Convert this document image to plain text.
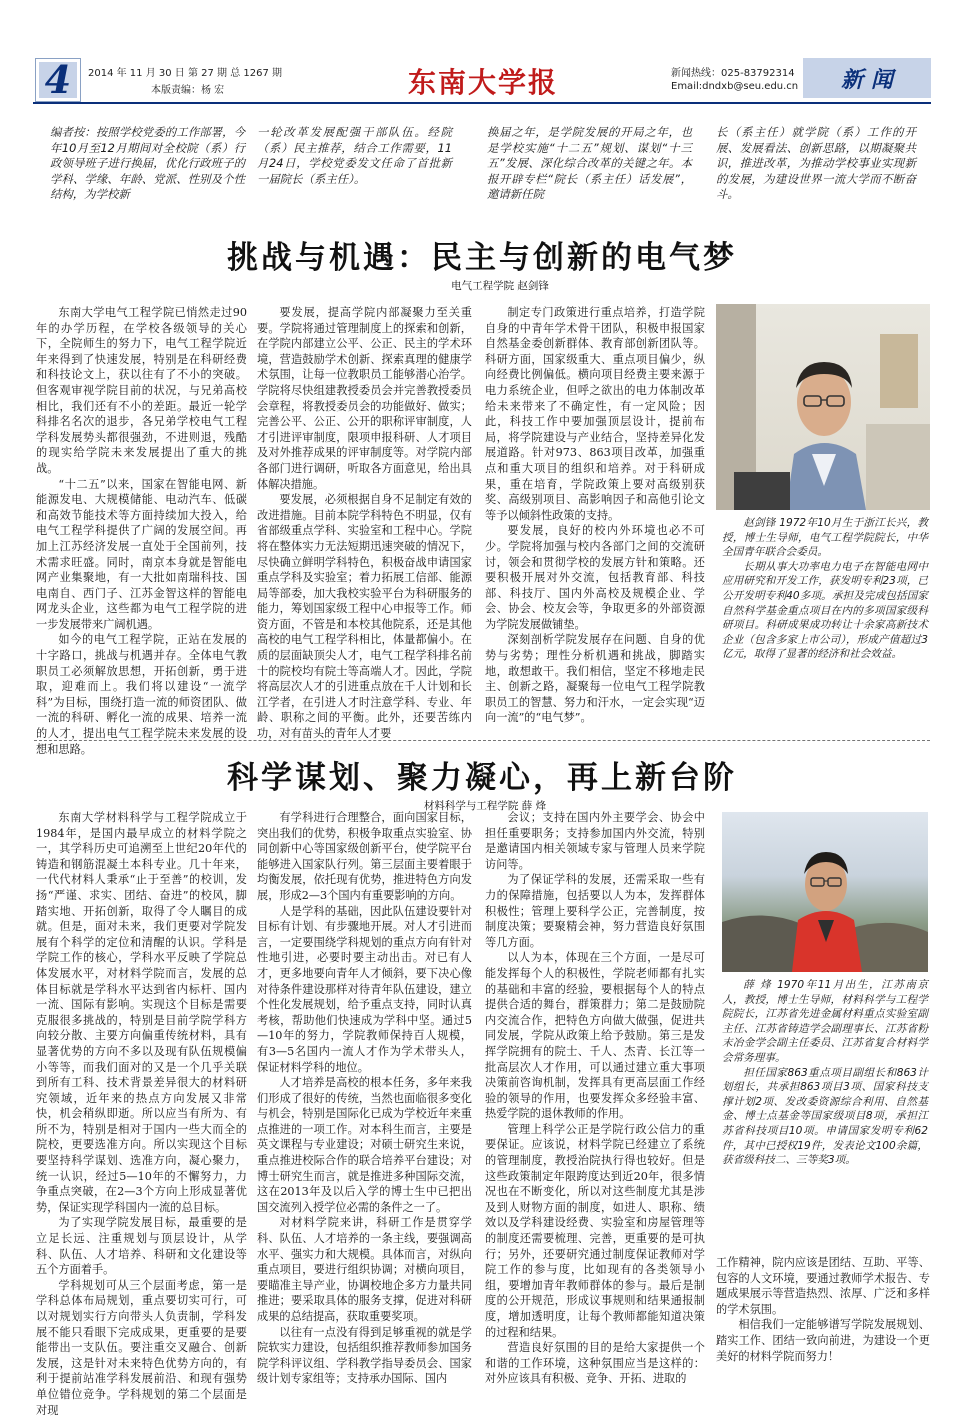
4	2014 年 11 月 30 日 第 27 期 总 1267 期
本版责编：杨 宏	东南大学报	新闻热线：025-83792314
Email:dndxb@seu.edu.cn	新 闻
编者按：按照学校党委的工作部署，今年10月至12月期间对全校院（系）行政领导班子进行换届，优化行政班子的学科、学缘、年龄、党派、性别及个性结构，为学校新
一轮改革发展配强干部队伍。经院（系）民主推荐，结合工作需要，11月24日，学校党委发文任命了首批新一届院长（系主任）。
换届之年，是学院发展的开局之年，也是学校实施“十二五”规划、谋划“十三五”发展、深化综合改革的关键之年。本报开辟专栏“院长（系主任）话发展”，邀请新任院
长（系主任）就学院（系）工作的开展、发展看法、创新思路，以期凝聚共识，推进改革，为推动学校事业实现新的发展，为建设世界一流大学而不断奋斗。
挑战与机遇：民主与创新的电气梦
电气工程学院 赵剑锋

东南大学电气工程学院已悄然走过90年的办学历程，在学校各级领导的关心下，全院师生的努力下，电气工程学院近年来得到了快速发展，特别是在科研经费和科技论文上，获以往有了不小的突破。但客观审视学院目前的状况，与兄弟高校相比，我们还有不小的差距。最近一轮学科排名名次的退步，各兄弟学校电气工程学科发展势头都很强劲，不进则退，残酷的现实给学院未来发展提出了重大的挑战。

“十二五”以来，国家在智能电网、新能源发电、大规模储能、电动汽车、低碳和高效节能技术等方面持续加大投入，给电气工程学科提供了广阔的发展空间。再加上江苏经济发展一直处于全国前列，技术需求旺盛。同时，南京本身就是智能电网产业集聚地，有一大批如南瑞科技、国电南自、西门子、江苏金智这样的智能电网龙头企业，这些都为电气工程学院的进一步发展带来广阔机遇。

如今的电气工程学院，正站在发展的十字路口，挑战与机遇并存。全体电气教职员工必须解放思想，开拓创新，勇于进取，迎难而上。我们将以建设“一流学科”为目标，围绕打造一流的师资团队、做一流的科研、孵化一流的成果、培养一流的人才，提出电气工程学院未来发展的设想和思路。

要发展，提高学院内部凝聚力至关重要。学院将通过管理制度上的探索和创新，在学院内部建立公平、公正、民主的学术环境，营造鼓励学术创新、探索真理的健康学术氛围，让每一位教职员工能够潜心治学。学院将尽快组建教授委员会并完善教授委员会章程，将教授委员会的功能做好、做实；完善公平、公正、公开的职称评审制度，人才引进评审制度，限项申报科研、人才项目及对外推荐成果的评审制度等。对学院内部各部门进行调研，听取各方面意见，给出具体解决措施。

要发展，必须根据自身不足制定有效的改进措施。目前本院学科特色不明显，仅有省部级重点学科、实验室和工程中心。学院将在整体实力无法短期迅速突破的情况下，尽快确立鲜明学科特色，积极奋战申请国家重点学科及实验室；着力拓展工信部、能源局等部委，加大我校实验平台为科研服务的能力，筹划国家级工程中心申报等工作。师资方面，不管是和本校其他院系，还是其他高校的电气工程学科相比，体量都偏小。在质的层面缺顶尖人才，电气工程学科排名前十的院校均有院士等高端人才。因此，学院将高层次人才的引进重点放在千人计划和长江学者，在引进人才时注意学科、专业、年龄、职称之间的平衡。此外，还要苦练内功，对有苗头的青年人才要

制定专门政策进行重点培养，打造学院自身的中青年学术骨干团队，积极申报国家自然基金委创新群体、教育部创新团队等。科研方面，国家级重大、重点项目偏少，纵向经费比例偏低。横向项目经费主要来源于电力系统企业，但呼之欲出的电力体制改革给未来带来了不确定性，有一定风险；因此，科技工作中要加强顶层设计，提前布局，将学院建设与产业结合，坚持差异化发展道路。针对973、863项目改革，加强重点和重大项目的组织和培养。对于科研成果，重在培育，学院政策上要对高级别获奖、高级别项目、高影响因子和高他引论文等予以倾斜性政策的支持。

要发展，良好的校内外环境也必不可少。学院将加强与校内各部门之间的交流研讨，领会和贯彻学校的发展方针和策略。还要积极开展对外交流，包括教育部、科技部、科技厅、国内外高校及规模企业、学会、协会、校友会等，争取更多的外部资源为学院发展做铺垫。

深刻剖析学院发展存在问题、自身的优势与劣势；理性分析机遇和挑战，脚踏实地，敢想敢干。我们相信，坚定不移地走民主、创新之路，凝聚每一位电气工程学院教职员工的智慧、努力和汗水，一定会实现“迈向一流”的“电气梦”。

赵剑锋 1972年10月生于浙江长兴，教授，博士生导师，电气工程学院院长，中华全国青年联合会委员。

长期从事大功率电力电子在智能电网中应用研究和开发工作，获发明专利23项，已公开发明专利40多项。承担及完成包括国家自然科学基金重点项目在内的多项国家级科研项目。科研成果成功转让十余家高新技术企业（包含多家上市公司），形成产值超过3亿元，取得了显著的经济和社会效益。

科学谋划、聚力凝心，再上新台阶
材料科学与工程学院 薛 烽

东南大学材料科学与工程学院成立于1984年，是国内最早成立的材料学院之一，其学科历史可追溯至上世纪20年代的铸造和钢筋混凝土本科专业。几十年来，一代代材料人秉承“止于至善”的校训，发扬“严谨、求实、团结、奋进”的校风，脚踏实地、开拓创新，取得了令人瞩目的成就。但是，面对未来，我们更要对学院发展有个科学的定位和清醒的认识。学科是学院工作的核心，学科水平反映了学院总体发展水平，对材料学院而言，发展的总体目标就是学科水平达到省内标杆、国内一流、国际有影响。实现这个目标是需要克服很多挑战的，特别是目前学院学科方向较分散、主要方向偏重传统材料，具有显著优势的方向不多以及现有队伍规模偏小等等，而我们面对的又是一个几乎关联到所有工科、技术背景差异很大的材料研究领域，近年来的热点方向发展又非常快，机会稍纵即逝。所以应当有所为、有所不为，特别是相对于国内一些大而全的院校，更要选准方向。所以实现这个目标要坚持科学谋划、选准方向，凝心聚力，统一认识，经过5—10年的不懈努力，力争重点突破，在2—3个方向上形成显著优势，保证实现学科国内一流的总目标。

为了实现学院发展目标，最重要的是立足长远、注重规划与顶层设计，从学科、队伍、人才培养、科研和文化建设等五个方面着手。

学科规划可从三个层面考虑，第一是学科总体布局规划，重点要切实可行，可以对规划实行方向带头人负责制，学科发展不能只看眼下完成成果，更重要的是要能带出一支队伍。要注重交叉融合、创新发展，这是针对未来特色优势方向的，有利于提前站准学科发展前沿、和现有强势单位错位竞争。学科规划的第二个层面是对现

有学科进行合理整合，面向国家目标，突出我们的优势，积极争取重点实验室、协同创新中心等国家级创新平台，使学院平台能够进入国家队行列。第三层面主要着眼于均衡发展，依托现有优势，推进特色方向发展，形成2—3个国内有重要影响的方向。

人是学科的基础，因此队伍建设要针对目标有计划、有步骤地开展。对人才引进而言，一定要围绕学科规划的重点方向有针对性地引进，必要时要主动出击。对已有人才，更多地要向青年人才倾斜，要下决心像对待条件建设那样对待青年队伍建设，建立个性化发展规划，给予重点支持，同时认真考核，帮助他们快速成为学科中坚。通过5—10年的努力，学院教师保持百人规模，有3—5名国内一流人才作为学术带头人，保证材料学科的地位。

人才培养是高校的根本任务，多年来我们形成了很好的传统，当然也面临很多变化与机会，特别是国际化已成为学校近年来重点推进的一项工作。对本科生而言，主要是英文课程与专业建设；对硕士研究生来说，重点推进校际合作的联合培养平台建设；对博士研究生而言，就是推进多种国际交流，这在2013年及以后入学的博士生中已把出国交流列入授学位必需的条件之一了。

对材料学院来讲，科研工作是贯穿学科、队伍、人才培养的一条主线，要强调高水平、强实力和大规模。具体而言，对纵向重点项目，要进行组织协调；对横向项目，要瞄准主导产业，协调校地企多方力量共同推进；要采取具体的服务支撑，促进对科研成果的总结提高，获取重要奖项。

以往有一点没有得到足够重视的就是学院软实力建设，包括组织推荐教师参加国务院学科评议组、学科教学指导委员会、国家级计划专家组等；支持承办国际、国内

会议；支持在国内外主要学会、协会中担任重要职务；支持参加国内外交流，特别是邀请国内相关领域专家与管理人员来学院访问等。

为了保证学科的发展，还需采取一些有力的保障措施，包括要以人为本，发挥群体积极性；管理上要科学公正，完善制度，按制度决策；要聚精会神，努力营造良好氛围等几方面。

以人为本，体现在三个方面，一是尽可能发挥每个人的积极性，学院老师都有扎实的基础和丰富的经验，要根据每个人的特点提供合适的舞台，群策群力；第二是鼓励院内交流合作，把特色方向做大做强，促进共同发展，学院从政策上给予鼓励。第三是发挥学院拥有的院士、千人、杰青、长江等一批高层次人才作用，可以通过建立重大事项决策前咨询机制，发挥具有更高层面工作经验的领导的作用，也要发挥众多经验丰富、热爱学院的退休教师的作用。

管理上科学公正是学院行政公信力的重要保证。应该说，材料学院已经建立了系统的管理制度，教授治院执行得也较好。但是这些政策制定年限跨度达到近20年，很多情况也在不断变化，所以对这些制度尤其是涉及到人财物方面的制度，如进人、职称、绩效以及学科建设经费、实验室和房屋管理等的制度还需要梳理、完善，更重要的是可执行；另外，还要研究通过制度保证教师对学院工作的参与度，比如现有的各类领导小组，要增加青年教师群体的参与。最后是制度的公开规范，形成议事规则和结果通报制度，增加透明度，让每个教师都能知道决策的过程和结果。

营造良好氛围的目的是给大家提供一个和谐的工作环境，这种氛围应当是这样的：对外应该具有积极、竞争、开拓、进取的

薛 烽 1970年11月出生，江苏南京人，教授，博士生导师，材料科学与工程学院院长，江苏省先进金属材料重点实验室副主任、江苏省铸造学会副理事长、江苏省粉末冶金学会副主任委员、江苏省复合材料学会常务理事。

担任国家863重点项目副组长和863计划组长，共承担863项目3项、国家科技支撑计划2项、发改委资源综合利用、自然基金、博士点基金等国家级项目8项，承担江苏省科技项目10项。申请国家发明专利62件，其中已授权19件，发表论文100余篇，获省级科技二、三等奖3项。

工作精神，院内应该是团结、互助、平等、包容的人文环境，要通过教师学术报告、专题成果展示等营造热烈、浓厚、广泛和多样的学术氛围。

相信我们一定能够谱写学院发展规划、踏实工作、团结一致向前进，为建设一个更美好的材料学院而努力！
